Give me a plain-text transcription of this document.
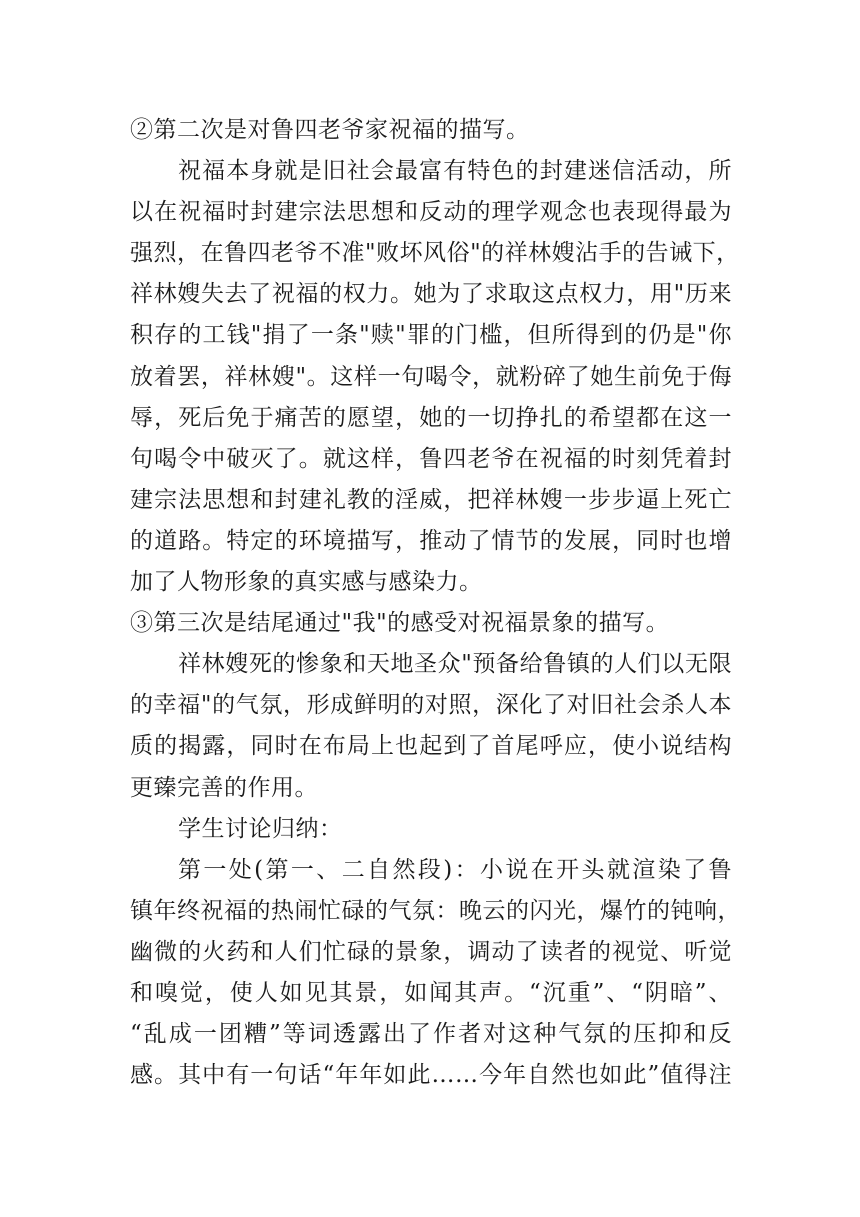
②第二次是对鲁四老爷家祝福的描写。
祝福本身就是旧社会最富有特色的封建迷信活动，所
以在祝福时封建宗法思想和反动的理学观念也表现得最为
强烈，在鲁四老爷不准"败坏风俗"的祥林嫂沾手的告诫下，
祥林嫂失去了祝福的权力。她为了求取这点权力，用"历来
积存的工钱"捐了一条"赎"罪的门槛，但所得到的仍是"你
放着罢，祥林嫂"。这样一句喝令，就粉碎了她生前免于侮
辱，死后免于痛苦的愿望，她的一切挣扎的希望都在这一
句喝令中破灭了。就这样，鲁四老爷在祝福的时刻凭着封
建宗法思想和封建礼教的淫威，把祥林嫂一步步逼上死亡
的道路。特定的环境描写，推动了情节的发展，同时也增
加了人物形象的真实感与感染力。
③第三次是结尾通过"我"的感受对祝福景象的描写。
祥林嫂死的惨象和天地圣众"预备给鲁镇的人们以无限
的幸福"的气氛，形成鲜明的对照，深化了对旧社会杀人本
质的揭露，同时在布局上也起到了首尾呼应，使小说结构
更臻完善的作用。
学生讨论归纳：
第一处(第一、二自然段)：小说在开头就渲染了鲁
镇年终祝福的热闹忙碌的气氛：晚云的闪光，爆竹的钝响，
幽微的火药和人们忙碌的景象，调动了读者的视觉、听觉
和嗅觉，使人如见其景，如闻其声。“沉重”、“阴暗”、
“乱成一团糟”等词透露出了作者对这种气氛的压抑和反
感。其中有一句话“年年如此……今年自然也如此”值得注
